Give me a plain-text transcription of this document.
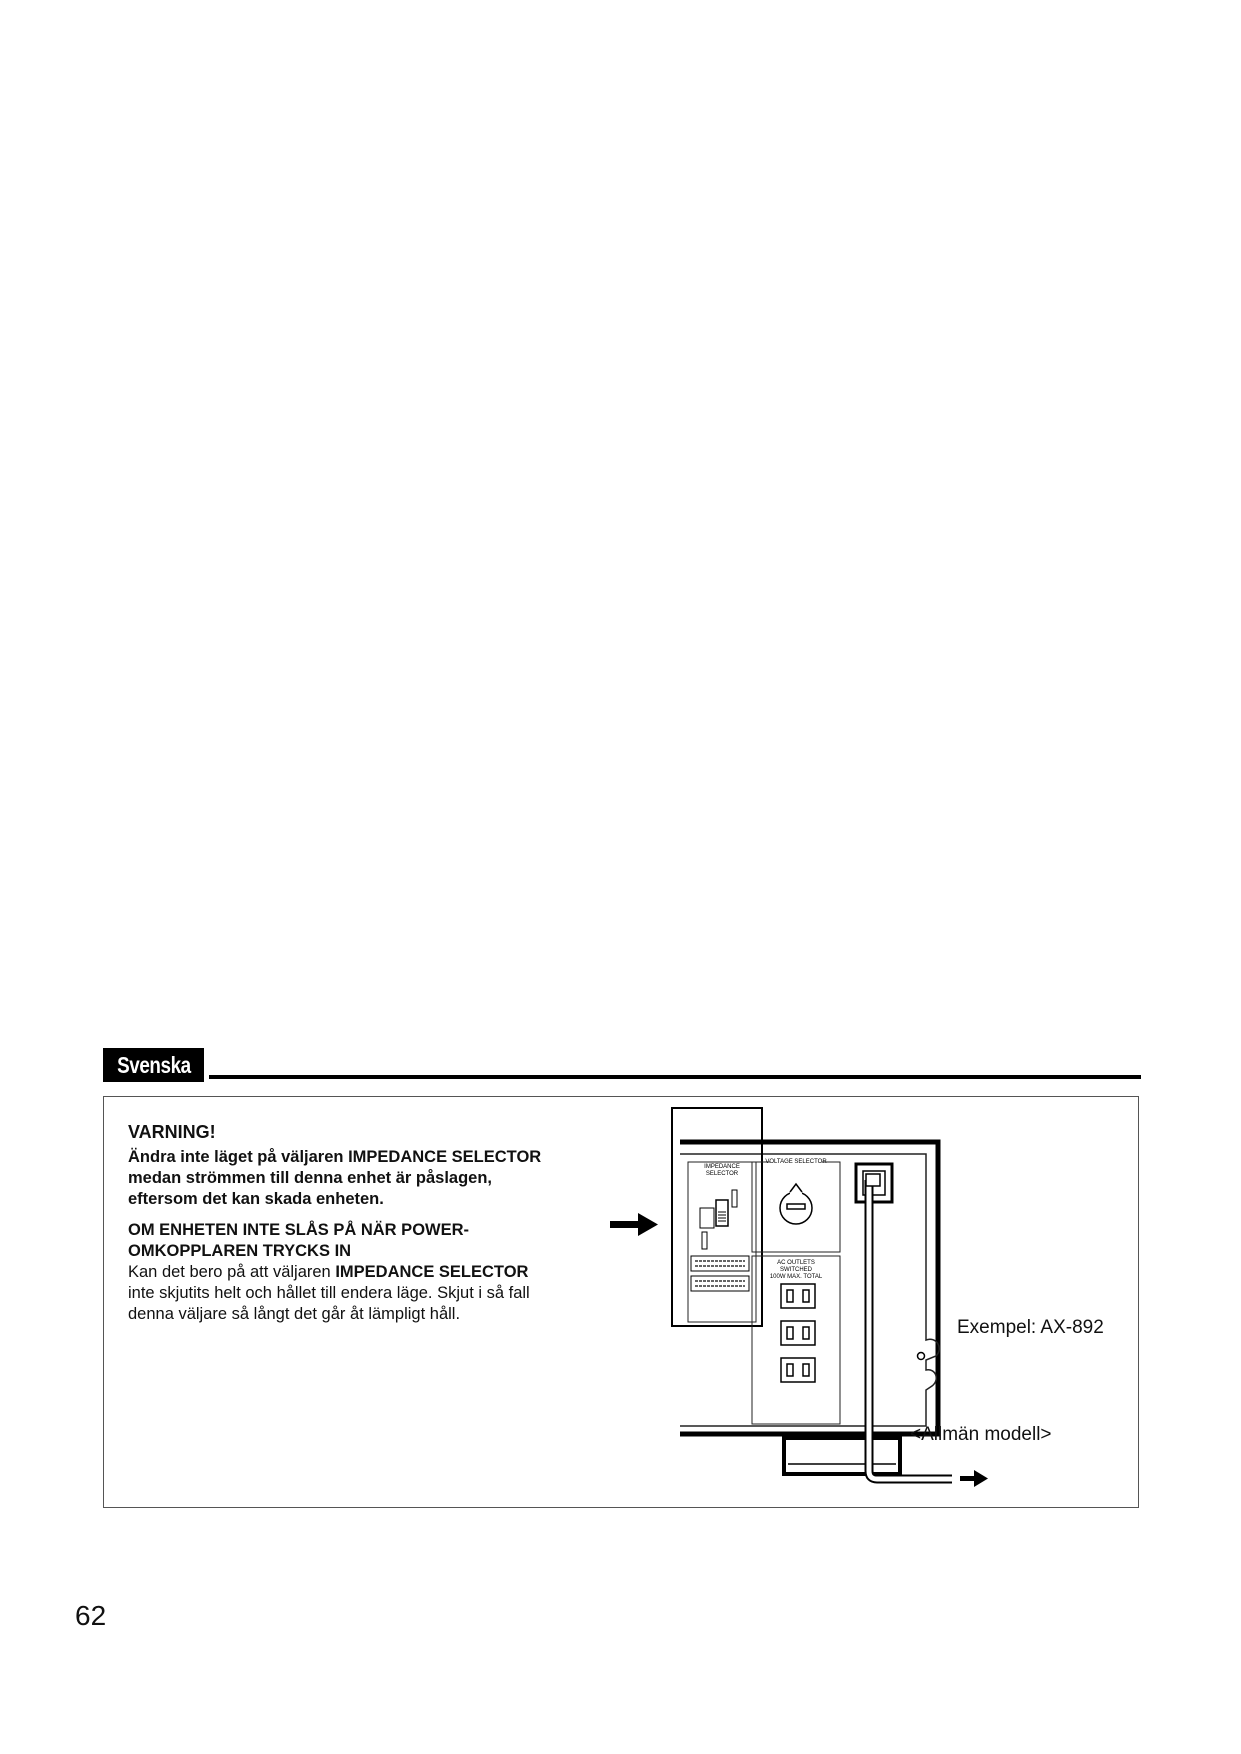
Svenska

VARNING!

Ändra inte läget på väljaren IMPEDANCE SELECTOR medan strömmen till denna enhet är påslagen, eftersom det kan skada enheten.

OM ENHETEN INTE SLÅS PÅ NÄR POWER-OMKOPPLAREN TRYCKS IN

Kan det bero på att väljaren IMPEDANCE SELECTOR inte skjutits helt och hållet till endera läge. Skjut i så fall denna väljare så långt det går åt lämpligt håll.

IMPEDANCE
SELECTOR
VOLTAGE SELECTOR
AC OUTLETS
SWITCHED
100W MAX. TOTAL
Exempel: AX-892
<Allmän modell>
62
